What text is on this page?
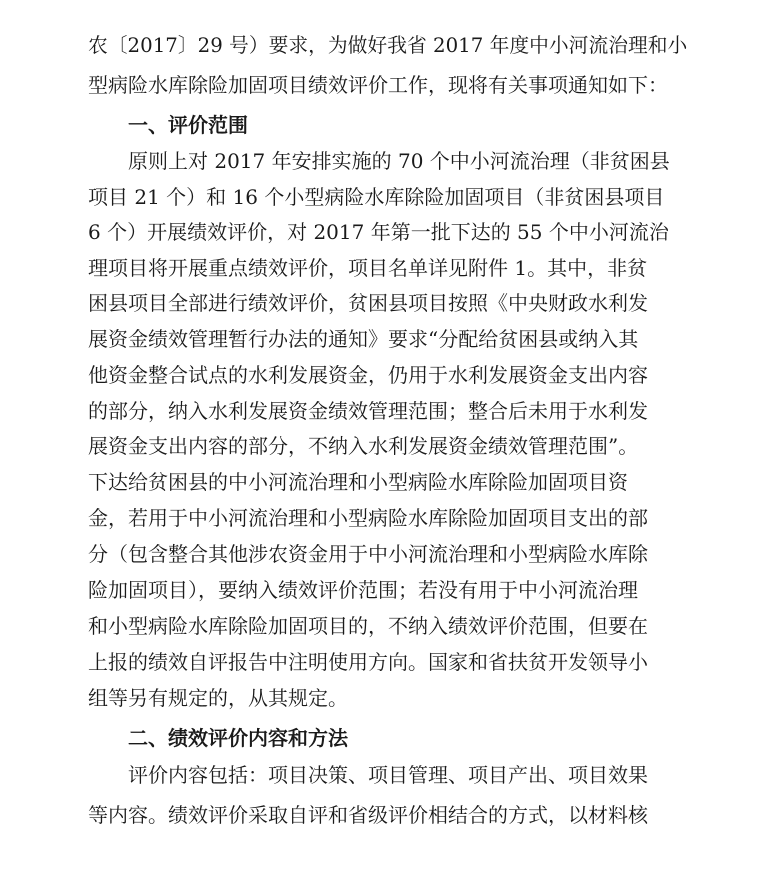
农〔2017〕29 号）要求，为做好我省 2017 年度中小河流治理和小
型病险水库除险加固项目绩效评价工作，现将有关事项通知如下：
一、评价范围
原则上对 2017 年安排实施的 70 个中小河流治理（非贫困县
项目 21 个）和 16 个小型病险水库除险加固项目（非贫困县项目
6 个）开展绩效评价，对 2017 年第一批下达的 55 个中小河流治
理项目将开展重点绩效评价，项目名单详见附件 1。其中，非贫
困县项目全部进行绩效评价，贫困县项目按照《中央财政水利发
展资金绩效管理暂行办法的通知》要求“分配给贫困县或纳入其
他资金整合试点的水利发展资金，仍用于水利发展资金支出内容
的部分，纳入水利发展资金绩效管理范围；整合后未用于水利发
展资金支出内容的部分，不纳入水利发展资金绩效管理范围”。
下达给贫困县的中小河流治理和小型病险水库除险加固项目资
金，若用于中小河流治理和小型病险水库除险加固项目支出的部
分（包含整合其他涉农资金用于中小河流治理和小型病险水库除
险加固项目），要纳入绩效评价范围；若没有用于中小河流治理
和小型病险水库除险加固项目的，不纳入绩效评价范围，但要在
上报的绩效自评报告中注明使用方向。国家和省扶贫开发领导小
组等另有规定的，从其规定。
二、绩效评价内容和方法
评价内容包括：项目决策、项目管理、项目产出、项目效果
等内容。绩效评价采取自评和省级评价相结合的方式，以材料核
